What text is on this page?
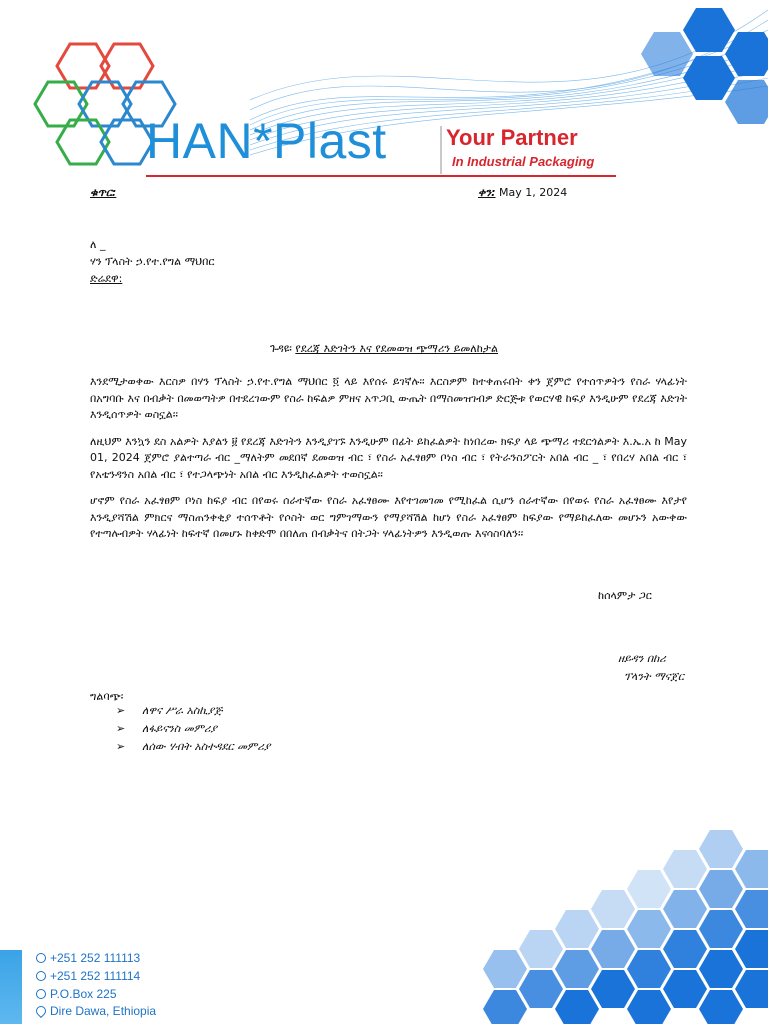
HAN*Plast	Your Partner
In Industrial Packaging
ቁጥር:	ቀን: May 1, 2024
ለ _
ሃን ፕላስት ኃ.የተ.የግል ማህበር
ድሬደዋ:
ጉዳዩ፡ የደረጃ እድገትን እና የደመወዝ ጭማሪን ይመለከታል

እንደሚታወቀው እርስዎ በሃን ፕላስት ኃ.የተ.የግል ማህበር ፬ ላይ እየሰሩ ይገኛሉ፡፡ እርስዎም ከተቀጠሩበት ቀን ጀምሮ የተሰጥዎትን የስራ ሃላፊነት በአግባቡ እና በብቃት በመወጣትዎ በተደረገውም የስራ ከፍልዎ ምዘና አጥጋቢ ውጤት በማስመዝገብዎ ድርጅቱ የወርሃዊ ከፍያ እንዲሁም የደረጃ እድገት እንዲሰጥዎት ወስኗል፡፡

ለዚህም እንኳን ደስ አልዎት እያልን ፱ የደረጃ እድገትን እንዲያገኙ እንዲሁም በፊት ይከፈልዎት ከነበረው ክፍያ ላይ ጭማሪ ተደርጎልዎት እ.ኤ.አ ከ May 01, 2024 ጀምሮ ያልተጣራ ብር _ማለትም መደበኛ ደመወዝ ብር ፣ የስራ አፈፃፀም ቦነስ ብር ፣ የትራንስፖርት አበል ብር _ ፣ የበረሃ አበል ብር ፣ የአቴንዳንስ አበል ብር ፣ የተጋላጭነት አበል ብር እንዲከፈልዎት ተወስኗል፡፡

ሆኖም የስራ አፈፃፀም ቦነስ ከፍያ ብር በየወሩ ሰራተኛው የስራ አፈፃፀሙ እየተገመገመ የሚከፈል ሲሆን ሰራተኛው በየወሩ የስራ አፈፃፀሙ እየታየ እንዲያሻሽል ምክርና ማስጠንቀቂያ ተሰጥቶት የሶስት ወር ግምገማውን የማያሻሽል ከሆነ የስራ አፈፃፀም ከፍያው የማይከፈለው መሆኑን አውቀው የተጣሉብዎት ሃላፊነት ከፍተኛ በመሆኑ ከቀድሞ በበለጠ በብቃትና በትጋት ሃላፊነትዎን እንዲወጡ እናሳስባለን፡፡

ከሰላምታ ጋር
ዘይዳን በከሪ
ፕላንት ማናጀር
ግልባጭ፡
➢ ለዋና ሥራ አስኪያጅ
➢ ለፋይናንስ መምሪያ
➢ ለሰው ሃብት አስተዳደር መምሪያ
+251 252 111113
+251 252 111114
P.O.Box 225
Dire Dawa, Ethiopia
